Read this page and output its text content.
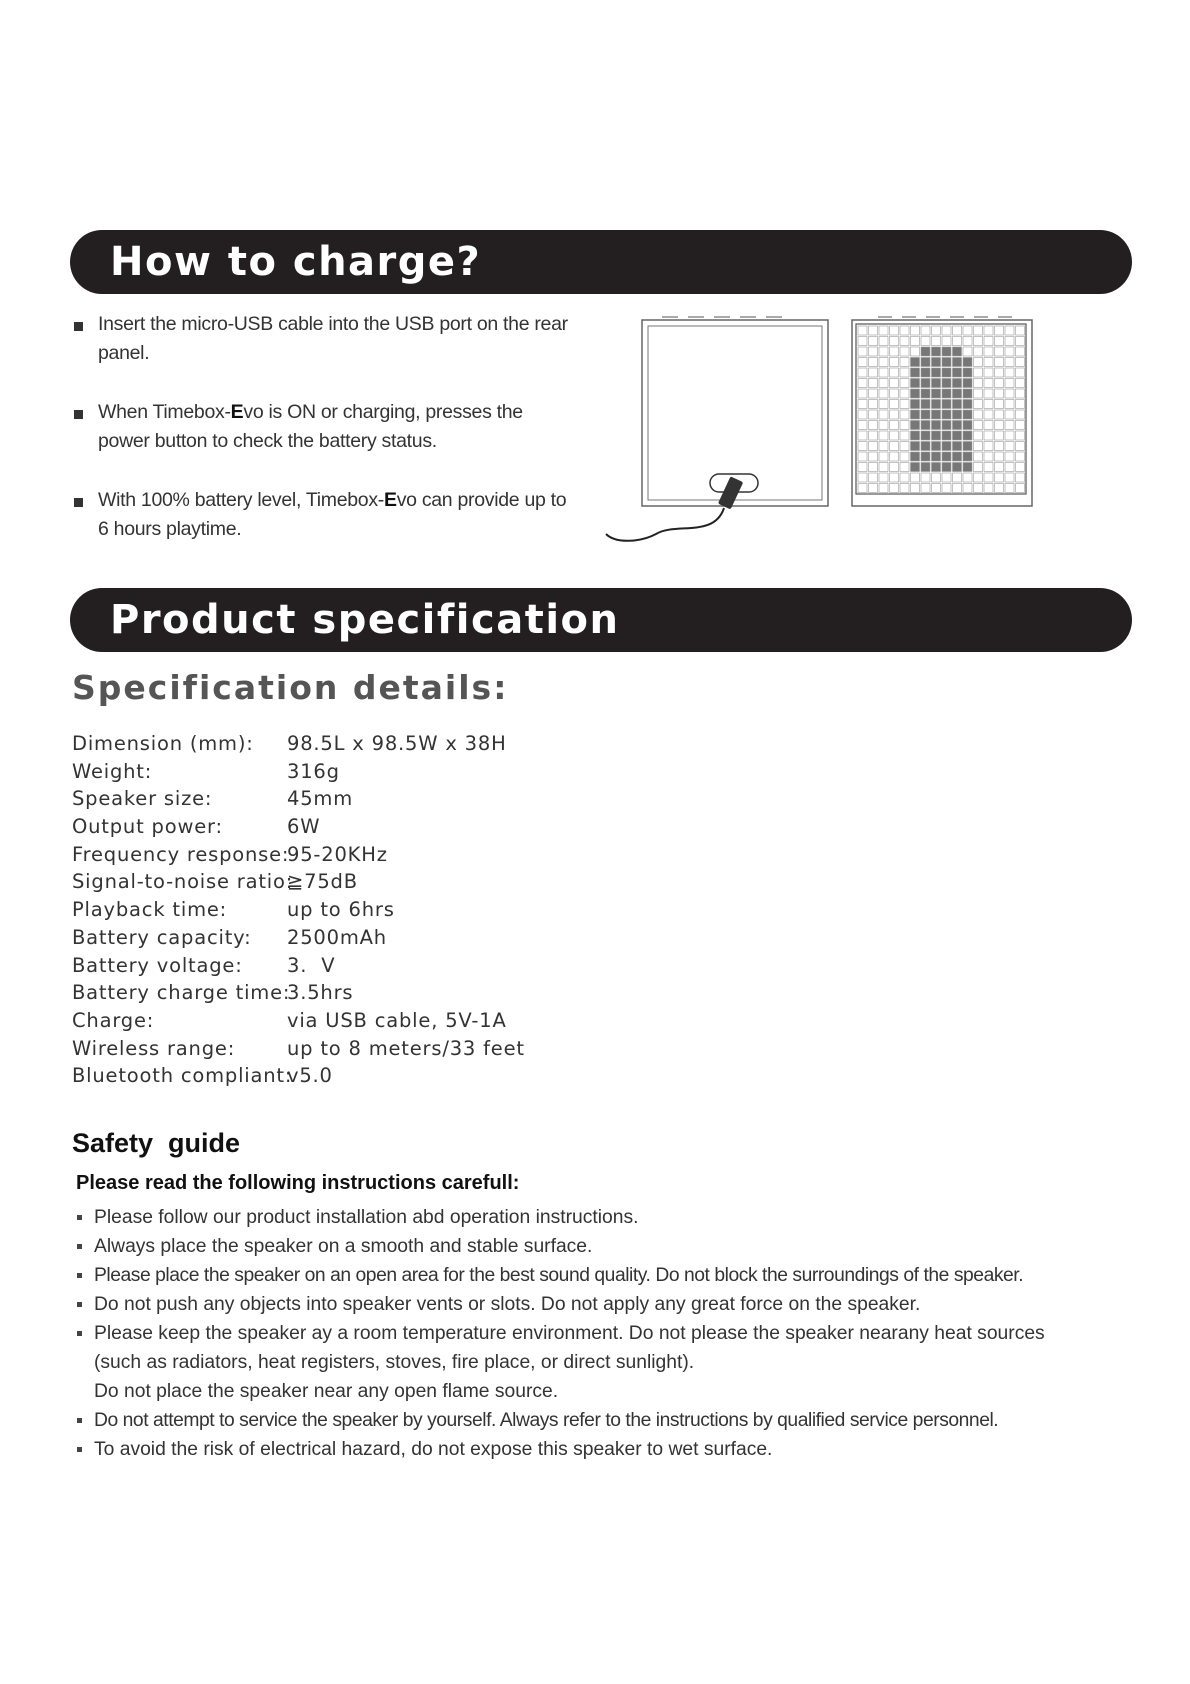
How to charge?
Insert the micro-USB cable into the USB port on the rear panel.
When Timebox-Evo is ON or charging, presses the power button to check the battery status.
With 100% battery level, Timebox-Evo can provide up to 6 hours playtime.
Product specification
Specification details:
Dimension (mm): 98.5L x 98.5W x 38H
Weight:	316g
Speaker size:	45mm
Output power:	6W
Frequency response:
95-20KHz
Signal-to-noise ratio:
≧75dB
Playback time:	up to 6hrs
Battery capacity: 2500mAh
Battery voltage: 3.  V
Battery charge time:
3.5hrs
Charge:	via USB cable, 5V-1A
Wireless range:	up to 8 meters/33 feet
Bluetooth compliant:
v5.0
Safety  guide

Please read the following instructions carefull:

Please follow our product installation abd operation instructions.
Always place the speaker on a smooth and stable surface.
Please place the speaker on an open area for the best sound quality. Do not block the surroundings of the speaker.
Do not push any objects into speaker vents or slots. Do not apply any great force on the speaker.
Please keep the speaker ay a room temperature environment. Do not please the speaker nearany heat sources
(such as radiators, heat registers, stoves, fire place, or direct sunlight).
Do not place the speaker near any open flame source.
Do not attempt to service the speaker by yourself. Always refer to the instructions by qualified service personnel.
To avoid the risk of electrical hazard, do not expose this speaker to wet surface.
